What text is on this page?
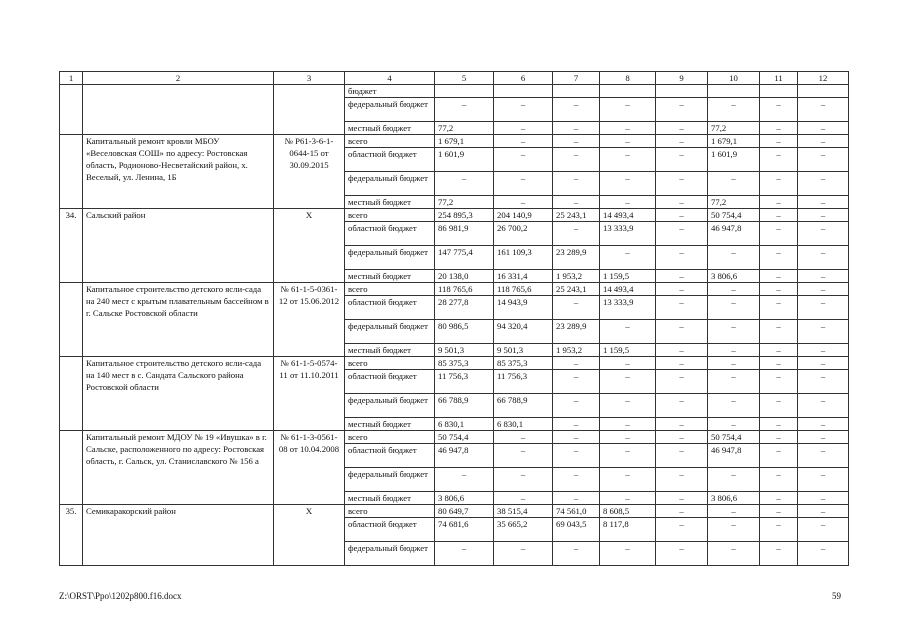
1	2	3	4	5	6	7	8	9	10	11	12
			бюджет								
			федеральный бюджет	–	–	–	–	–	–	–	–
			местный бюджет	77,2	–	–	–	–	77,2	–	–
	Капитальный ремонт кровли МБОУ «Веселовская СОШ» по адресу: Ростовская область, Родионово-Несветайский район, х. Веселый, ул. Ленина, 1Б	№ Р61-3-6-1-0644-15 от 30.09.2015	всего	1 679,1	–	–	–	–	1 679,1	–	–
			областной бюджет	1 601,9	–	–	–	–	1 601,9	–	–
			федеральный бюджет	–	–	–	–	–	–	–	–
			местный бюджет	77,2	–	–	–	–	77,2	–	–
34.	Сальский район	Х	всего	254 895,3	204 140,9	25 243,1	14 493,4	–	50 754,4	–	–
			областной бюджет	86 981,9	26 700,2	–	13 333,9	–	46 947,8	–	–
			федеральный бюджет	147 775,4	161 109,3	23 289,9	–	–	–	–	–
			местный бюджет	20 138,0	16 331,4	1 953,2	1 159,5	–	3 806,6	–	–
	Капитальное строительство детского ясли-сада на 240 мест с крытым плавательным бассейном в г. Сальске Ростовской области	№ 61-1-5-0361-12 от 15.06.2012	всего	118 765,6	118 765,6	25 243,1	14 493,4	–	–	–	–
			областной бюджет	28 277,8	14 943,9	–	13 333,9	–	–	–	–
			федеральный бюджет	80 986,5	94 320,4	23 289,9	–	–	–	–	–
			местный бюджет	9 501,3	9 501,3	1 953,2	1 159,5	–	–	–	–
	Капитальное строительство детского ясли-сада на 140 мест в с. Сандата Сальского района Ростовской области	№ 61-1-5-0574-11 от 11.10.2011	всего	85 375,3	85 375,3	–	–	–	–	–	–
			областной бюджет	11 756,3	11 756,3	–	–	–	–	–	–
			федеральный бюджет	66 788,9	66 788,9	–	–	–	–	–	–
			местный бюджет	6 830,1	6 830,1	–	–	–	–	–	–
	Капитальный ремонт МДОУ № 19 «Ивушка» в г. Сальске, расположенного по адресу: Ростовская область, г. Сальск, ул. Станиславского № 156 а	№ 61-1-3-0561-08 от 10.04.2008	всего	50 754,4	–	–	–	–	50 754,4	–	–
			областной бюджет	46 947,8	–	–	–	–	46 947,8	–	–
			федеральный бюджет	–	–	–	–	–	–	–	–
			местный бюджет	3 806,6	–	–	–	–	3 806,6	–	–
35.	Семикаракорский район	Х	всего	80 649,7	38 515,4	74 561,0	8 608,5	–	–	–	–
			областной бюджет	74 681,6	35 665,2	69 043,5	8 117,8	–	–	–	–
			федеральный бюджет	–	–	–	–	–	–	–	–
Z:\ORST\Ppo\1202p800.f16.docx	59
